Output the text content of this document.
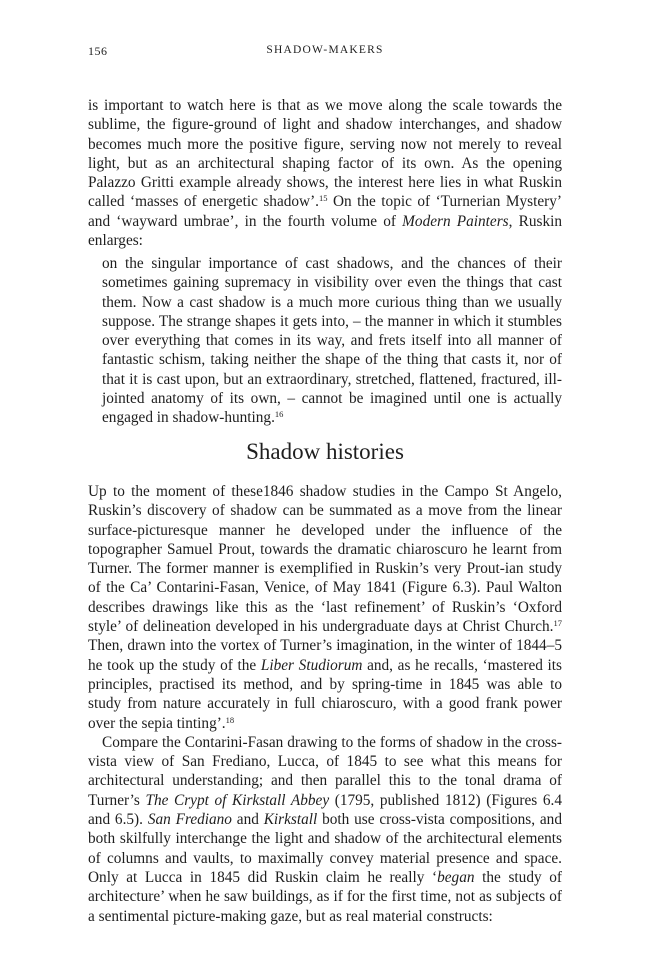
156	SHADOW-MAKERS

is important to watch here is that as we move along the scale towards the sublime, the figure-ground of light and shadow interchanges, and shadow becomes much more the positive figure, serving now not merely to reveal light, but as an architectural shaping factor of its own. As the opening Palazzo Gritti example already shows, the interest here lies in what Ruskin called ‘masses of energetic shadow’.$^{15}$ On the topic of ‘Turnerian Mystery’ and ‘wayward umbrae’, in the fourth volume of Modern Painters, Ruskin enlarges:

on the singular importance of cast shadows, and the chances of their sometimes gaining supremacy in visibility over even the things that cast them. Now a cast shadow is a much more curious thing than we usually suppose. The strange shapes it gets into, – the manner in which it stumbles over everything that comes in its way, and frets itself into all manner of fantastic schism, taking neither the shape of the thing that casts it, nor of that it is cast upon, but an extraordinary, stretched, flattened, fractured, ill-jointed anatomy of its own, – cannot be imagined until one is actually engaged in shadow-hunting.$^{16}$

Shadow histories

Up to the moment of these1846 shadow studies in the Campo St Angelo, Ruskin’s discovery of shadow can be summated as a move from the linear surface-picturesque manner he developed under the influence of the topographer Samuel Prout, towards the dramatic chiaroscuro he learnt from Turner. The former manner is exemplified in Ruskin’s very Prout-ian study of the Ca’ Contarini-Fasan, Venice, of May 1841 (Figure 6.3). Paul Walton describes drawings like this as the ‘last refinement’ of Ruskin’s ‘Oxford style’ of delineation developed in his undergraduate days at Christ Church.$^{17}$ Then, drawn into the vortex of Turner’s imagination, in the winter of 1844–5 he took up the study of the Liber Studiorum and, as he recalls, ‘mastered its principles, practised its method, and by spring-time in 1845 was able to study from nature accurately in full chiaroscuro, with a good frank power over the sepia tinting’.$^{18}$

Compare the Contarini-Fasan drawing to the forms of shadow in the cross-vista view of San Frediano, Lucca, of 1845 to see what this means for architectural understanding; and then parallel this to the tonal drama of Turner’s The Crypt of Kirkstall Abbey (1795, published 1812) (Figures 6.4 and 6.5). San Frediano and Kirkstall both use cross-vista compositions, and both skilfully interchange the light and shadow of the architectural elements of columns and vaults, to maximally convey material presence and space. Only at Lucca in 1845 did Ruskin claim he really ‘began the study of architecture’ when he saw buildings, as if for the first time, not as subjects of a sentimental picture-making gaze, but as real material constructs:
